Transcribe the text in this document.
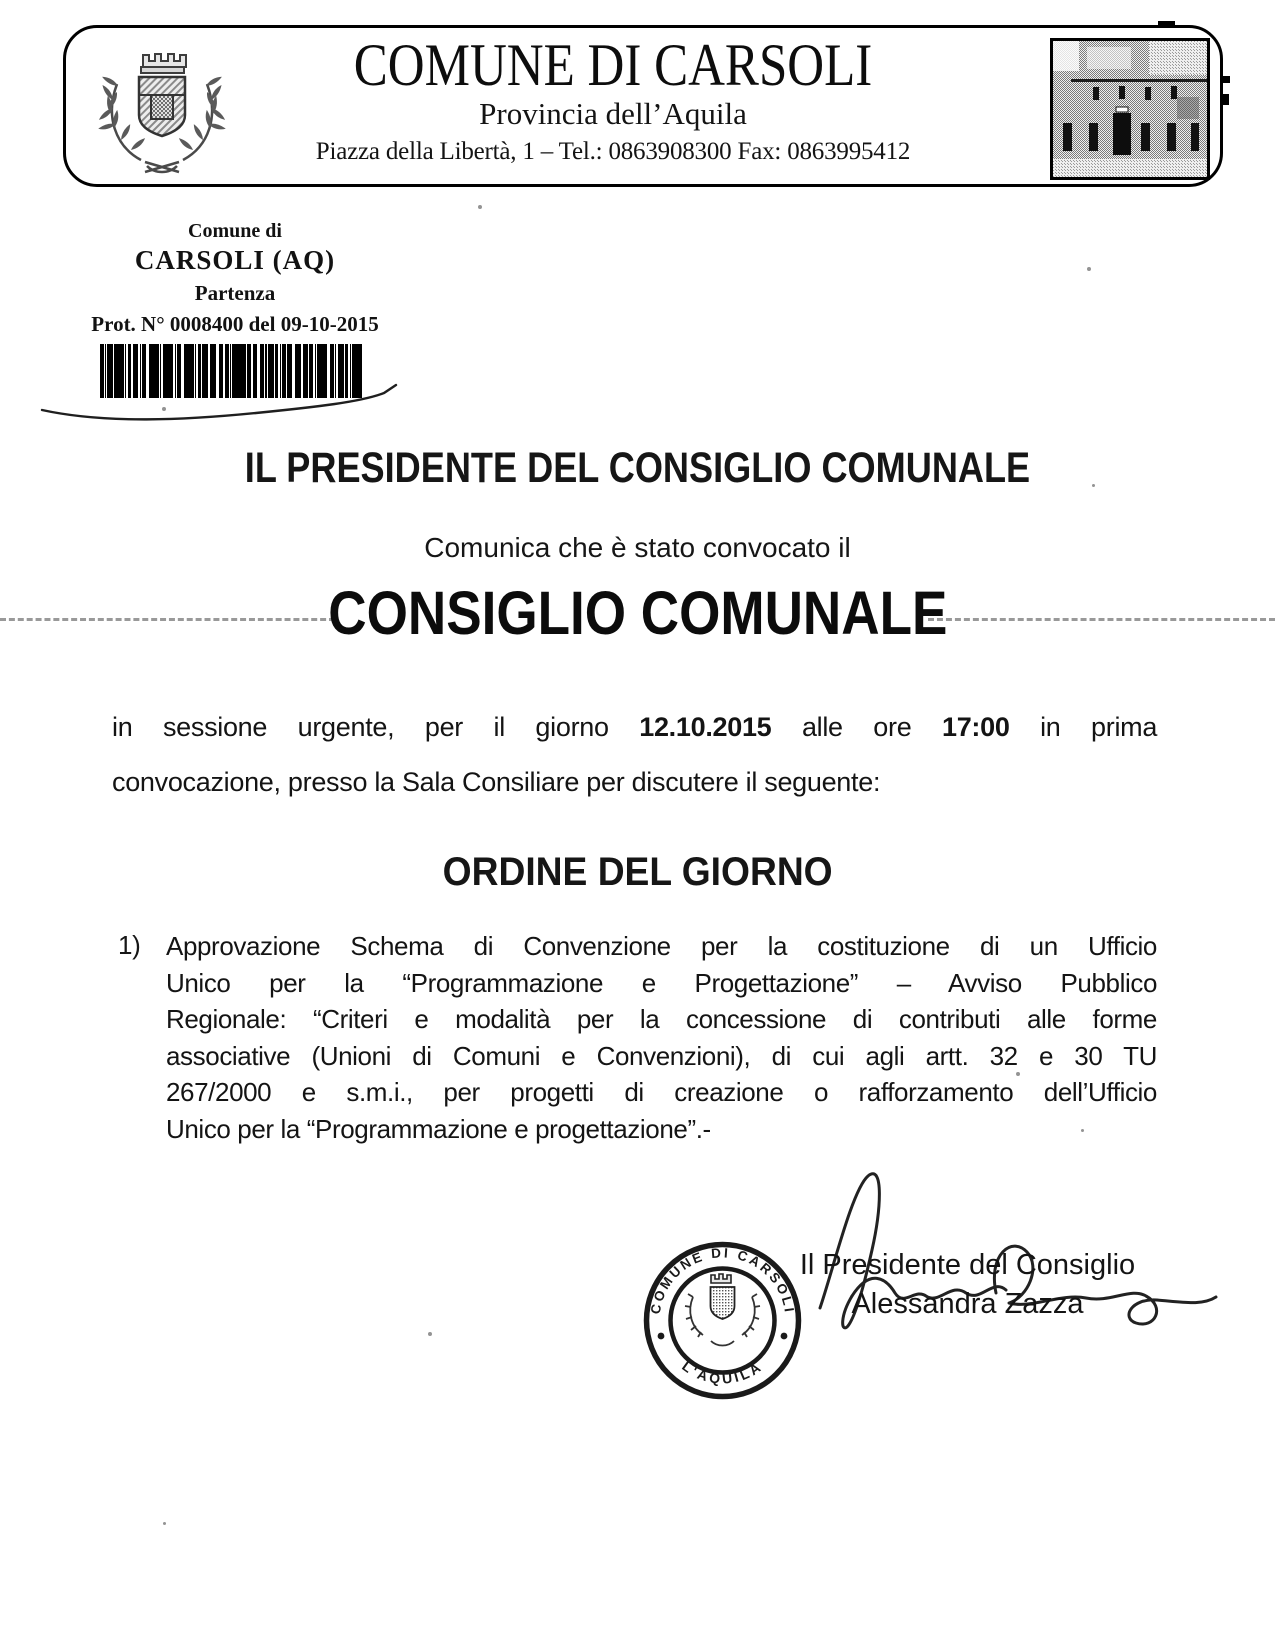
COMUNE DI CARSOLI
Provincia dell’Aquila
Piazza della Libertà, 1 – Tel.: 0863908300 Fax: 0863995412
Comune di
CARSOLI (AQ)
Partenza
Prot. N° 0008400 del 09-10-2015
IL PRESIDENTE DEL CONSIGLIO COMUNALE
Comunica che è stato convocato il
CONSIGLIO COMUNALE
in sessione urgente, per il giorno 12.10.2015 alle ore 17:00 in prima
convocazione, presso la Sala Consiliare per discutere il seguente:
ORDINE DEL GIORNO
1) Approvazione Schema di Convenzione per la costituzione di un Ufficio
Unico per la “Programmazione e Progettazione” – Avviso Pubblico
Regionale: “Criteri e modalità per la concessione di contributi alle forme
associative (Unioni di Comuni e Convenzioni), di cui agli artt. 32 e 30 TU
267/2000 e s.m.i., per progetti di creazione o rafforzamento dell’Ufficio
Unico per la “Programmazione e progettazione”.-
COMUNE DI CARSOLI
L'AQUILA
Il Presidente del Consiglio
Alessandra Zazza
